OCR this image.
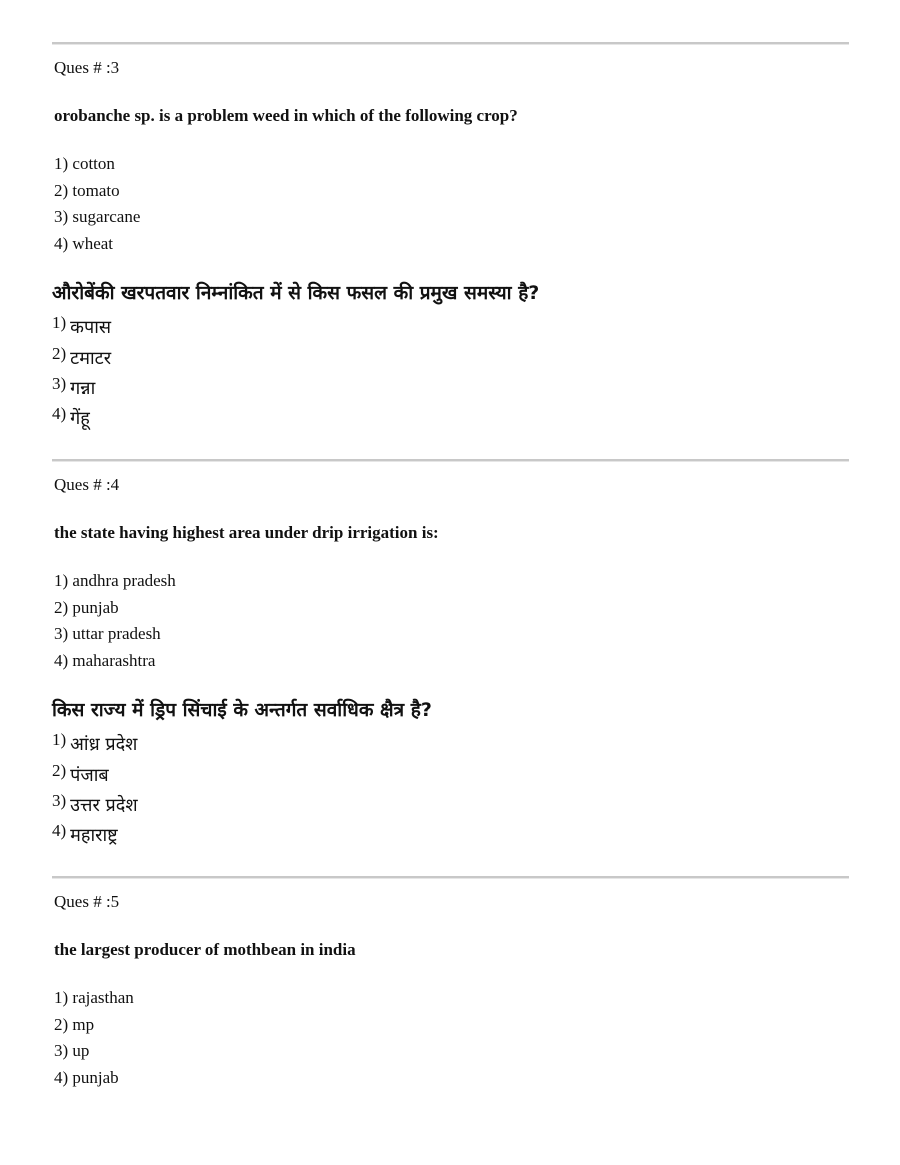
Ques # :3
orobanche sp. is a problem weed in which of the following crop?
1) cotton
2) tomato
3) sugarcane
4) wheat
औरोबेंकी खरपतवार निम्नांकित में से किस फसल की प्रमुख समस्या है?
1) कपास
2) टमाटर
3) गन्ना
4) गेंहू
Ques # :4
the state having highest area under drip irrigation is:
1) andhra pradesh
2) punjab
3) uttar pradesh
4) maharashtra
किस राज्य में ड्रिप सिंचाई के अन्तर्गत सर्वाधिक क्षैत्र है?
1) आंध्र प्रदेश
2) पंजाब
3) उत्तर प्रदेश
4) महाराष्ट्र
Ques # :5
the largest producer of mothbean in india
1) rajasthan
2) mp
3) up
4) punjab
